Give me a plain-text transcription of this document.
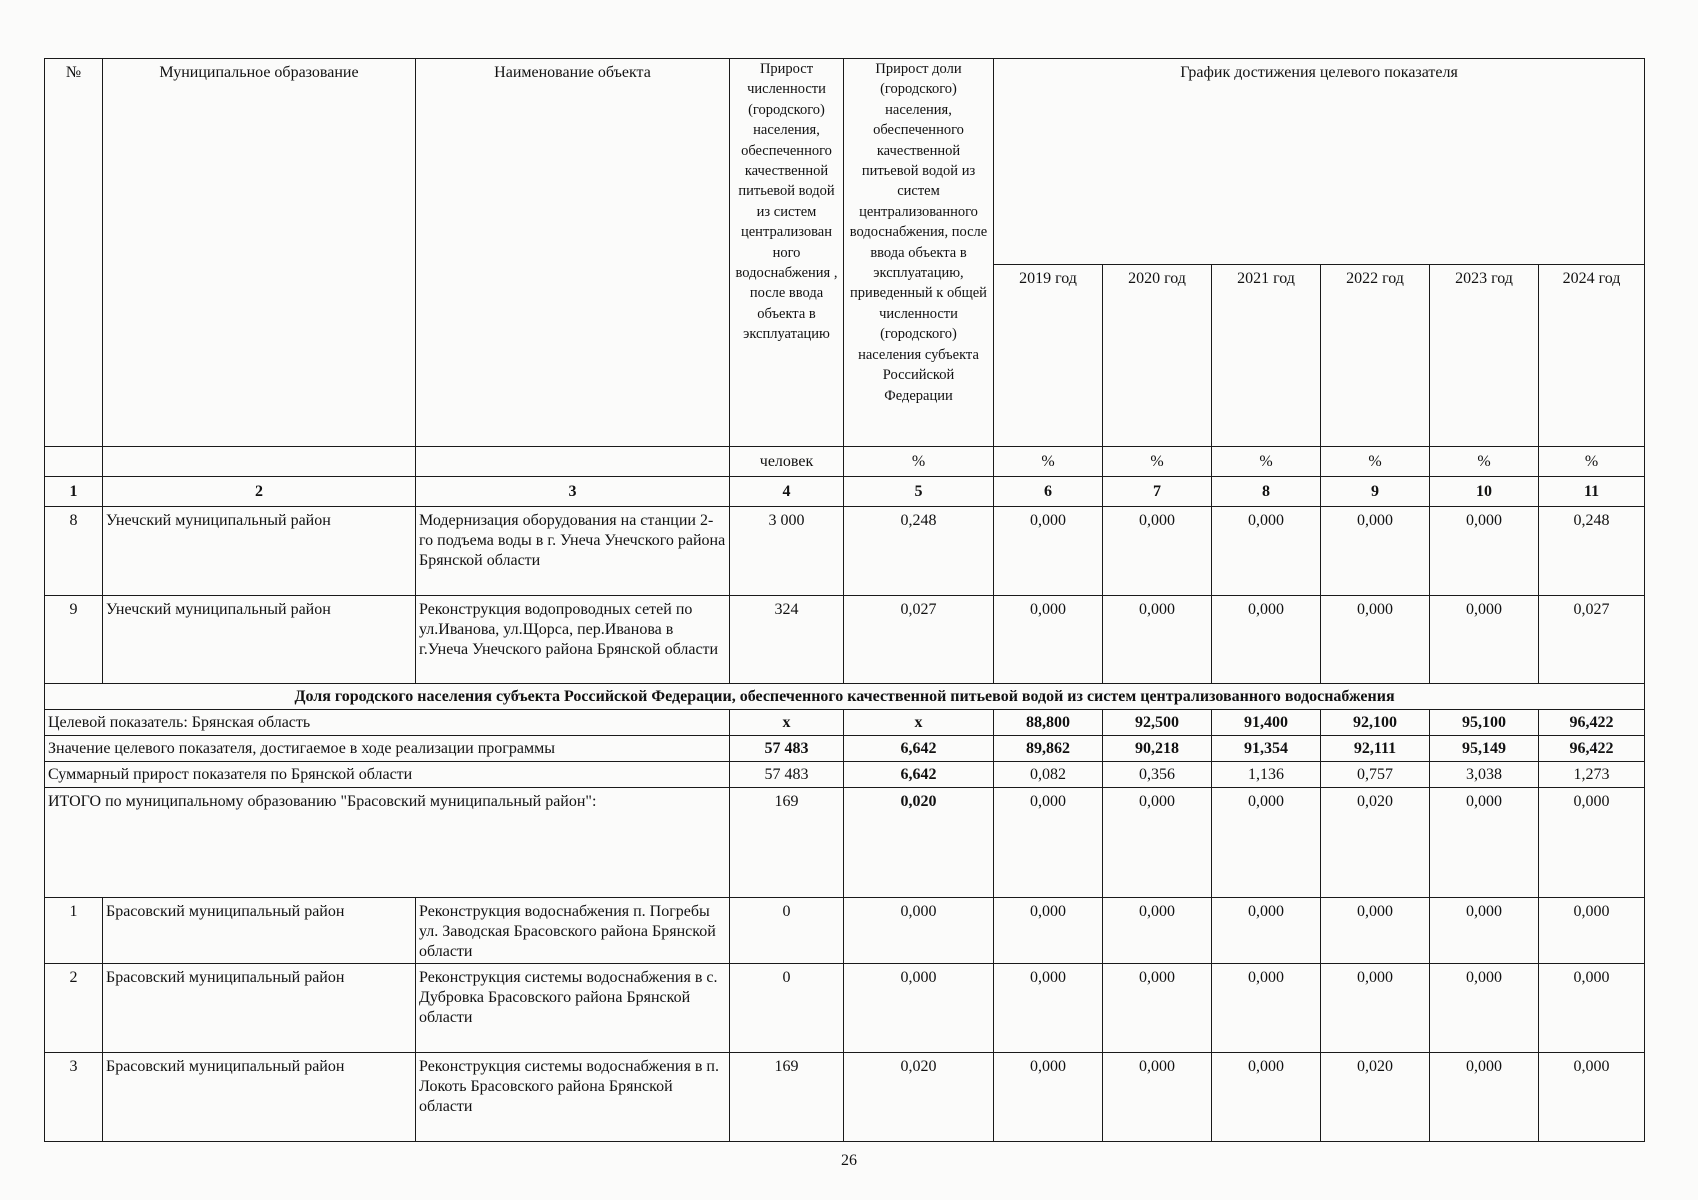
№	Муниципальное образование	Наименование объекта	Прирост численности (городского) населения, обеспеченного качественной питьевой водой из систем централизован ного водоснабжения , после ввода объекта в эксплуатацию	Прирост доли (городского) населения, обеспеченного качественной питьевой водой из систем централизованного водоснабжения, после ввода объекта в эксплуатацию, приведенный к общей численности (городского) населения субъекта Российской Федерации	График достижения целевого показателя					
					2019 год	2020 год	2021 год	2022 год	2023 год	2024 год
			человек	%	%	%	%	%	%	%
1	2	3	4	5	6	7	8	9	10	11
8	Унечский муниципальный район	Модернизация оборудования на станции 2-го подъема воды в г. Унеча Унечского района Брянской области	3 000	0,248	0,000	0,000	0,000	0,000	0,000	0,248
9	Унечский муниципальный район	Реконструкция водопроводных сетей по ул.Иванова, ул.Щорса, пер.Иванова в г.Унеча Унечского района Брянской области	324	0,027	0,000	0,000	0,000	0,000	0,000	0,027
Доля городского населения субъекта Российской Федерации, обеспеченного качественной питьевой водой из систем централизованного водоснабжения										
Целевой показатель: Брянская область			x	x	88,800	92,500	91,400	92,100	95,100	96,422
Значение целевого показателя, достигаемое в ходе реализации программы			57 483	6,642	89,862	90,218	91,354	92,111	95,149	96,422
Суммарный прирост показателя по Брянской области			57 483	6,642	0,082	0,356	1,136	0,757	3,038	1,273
ИТОГО по муниципальному образованию "Брасовский муниципальный район":			169	0,020	0,000	0,000	0,000	0,020	0,000	0,000
1	Брасовский муниципальный район	Реконструкция водоснабжения п. Погребы ул. Заводская Брасовского района Брянской области	0	0,000	0,000	0,000	0,000	0,000	0,000	0,000
2	Брасовский муниципальный район	Реконструкция системы водоснабжения в с. Дубровка Брасовского района Брянской области	0	0,000	0,000	0,000	0,000	0,000	0,000	0,000
3	Брасовский муниципальный район	Реконструкция системы водоснабжения в п. Локоть Брасовского района Брянской области	169	0,020	0,000	0,000	0,000	0,020	0,000	0,000
26
